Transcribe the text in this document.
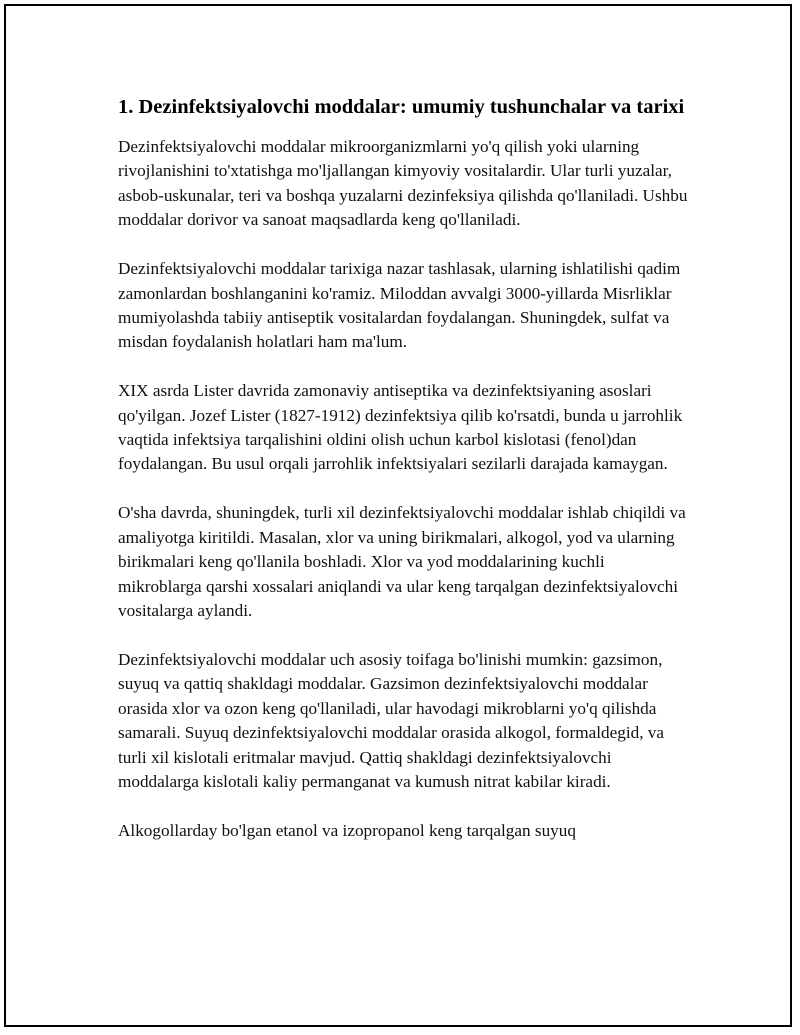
1. Dezinfektsiyalovchi moddalar: umumiy tushunchalar va tarixi

Dezinfektsiyalovchi moddalar mikroorganizmlarni yo'q qilish yoki ularning rivojlanishini to'xtatishga mo'ljallangan kimyoviy vositalardir. Ular turli yuzalar, asbob-uskunalar, teri va boshqa yuzalarni dezinfeksiya qilishda qo'llaniladi. Ushbu moddalar dorivor va sanoat maqsadlarda keng qo'llaniladi.

Dezinfektsiyalovchi moddalar tarixiga nazar tashlasak, ularning ishlatilishi qadim zamonlardan boshlanganini ko'ramiz. Miloddan avvalgi 3000-yillarda Misrliklar mumiyolashda tabiiy antiseptik vositalardan foydalangan. Shuningdek, sulfat va misdan foydalanish holatlari ham ma'lum.

XIX asrda Lister davrida zamonaviy antiseptika va dezinfektsiyaning asoslari qo'yilgan. Jozef Lister (1827-1912) dezinfektsiya qilib ko'rsatdi, bunda u jarrohlik vaqtida infektsiya tarqalishini oldini olish uchun karbol kislotasi (fenol)dan foydalangan. Bu usul orqali jarrohlik infektsiyalari sezilarli darajada kamaygan.

O'sha davrda, shuningdek, turli xil dezinfektsiyalovchi moddalar ishlab chiqildi va amaliyotga kiritildi. Masalan, xlor va uning birikmalari, alkogol, yod va ularning birikmalari keng qo'llanila boshladi. Xlor va yod moddalarining kuchli mikroblarga qarshi xossalari aniqlandi va ular keng tarqalgan dezinfektsiyalovchi vositalarga aylandi.

Dezinfektsiyalovchi moddalar uch asosiy toifaga bo'linishi mumkin: gazsimon, suyuq va qattiq shakldagi moddalar. Gazsimon dezinfektsiyalovchi moddalar orasida xlor va ozon keng qo'llaniladi, ular havodagi mikroblarni yo'q qilishda samarali. Suyuq dezinfektsiyalovchi moddalar orasida alkogol, formaldegid, va turli xil kislotali eritmalar mavjud. Qattiq shakldagi dezinfektsiyalovchi moddalarga kislotali kaliy permanganat va kumush nitrat kabilar kiradi.

Alkogollarday bo'lgan etanol va izopropanol keng tarqalgan suyuq
